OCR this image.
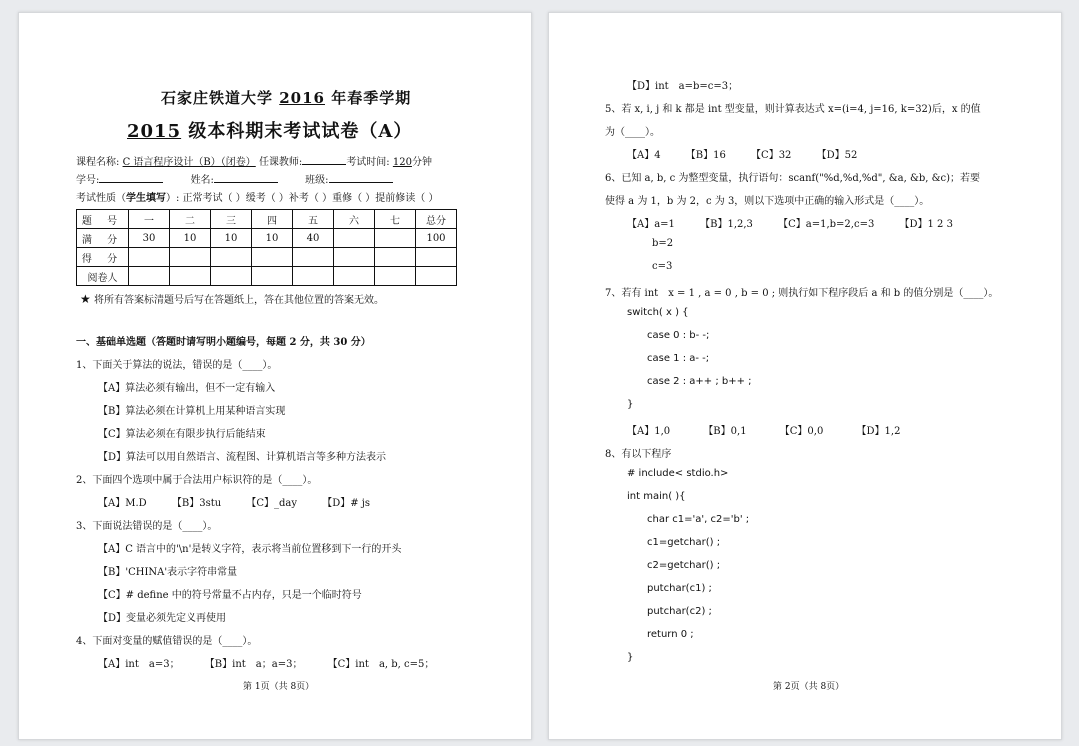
石家庄铁道大学 2016 年春季学期
2015 级本科期末考试试卷（A）
课程名称: C 语言程序设计（B）（闭卷） 任课教师:	考试时间: 120分钟
学号:	姓名:	班级:
考试性质（学生填写）: 正常考试（ ）缓考（ ）补考（ ）重修（ ）提前修读（ ）
题 号	一	二	三	四	五	六	七	总分
满 分	30	10	10	10	40			100
得 分								
阅卷人								
★ 将所有答案标清题号后写在答题纸上，答在其他位置的答案无效。
一、基础单选题（答题时请写明小题编号，每题 2 分，共 30 分）
1、下面关于算法的说法，错误的是（____）。
【A】算法必须有输出，但不一定有输入
【B】算法必须在计算机上用某种语言实现
【C】算法必须在有限步执行后能结束
【D】算法可以用自然语言、流程图、计算机语言等多种方法表示
2、下面四个选项中属于合法用户标识符的是（____）。
【A】M.D	【B】3stu	【C】_day	【D】# js
3、下面说法错误的是（____）。
【A】C 语言中的'\n'是转义字符，表示将当前位置移到下一行的开头
【B】'CHINA'表示字符串常量
【C】# define 中的符号常量不占内存，只是一个临时符号
【D】变量必须先定义再使用
4、下面对变量的赋值错误的是（____）。
【A】int　a=3；	【B】int　a；a=3；	【C】int　a, b, c=5；
第 1页（共 8页）
【D】int　a=b=c=3；
5、若 x, i, j 和 k 都是 int 型变量，则计算表达式 x=(i=4, j=16, k=32)后，x 的值
为（____）。
【A】4	【B】16	【C】32	【D】52
6、已知 a, b, c 为整型变量，执行语句：scanf("%d,%d,%d", &a, &b, &c)；若要
使得 a 为 1，b 为 2，c 为 3，则以下选项中正确的输入形式是（____）。
【A】a=1	【B】1,2,3	【C】a=1,b=2,c=3	【D】1 2 3
b=2
c=3
7、若有 int　x = 1 , a = 0 , b = 0 ; 则执行如下程序段后 a 和 b 的值分别是（____）。
switch( x ) {
case 0 : b- -;
case 1 : a- -;
case 2 : a++ ; b++ ;
}
【A】1,0	【B】0,1	【C】0,0	【D】1,2
8、有以下程序
# include< stdio.h>
int main( ){
char c1='a', c2='b' ;
c1=getchar() ;
c2=getchar() ;
putchar(c1) ;
putchar(c2) ;
return 0 ;
}
第 2页（共 8页）
